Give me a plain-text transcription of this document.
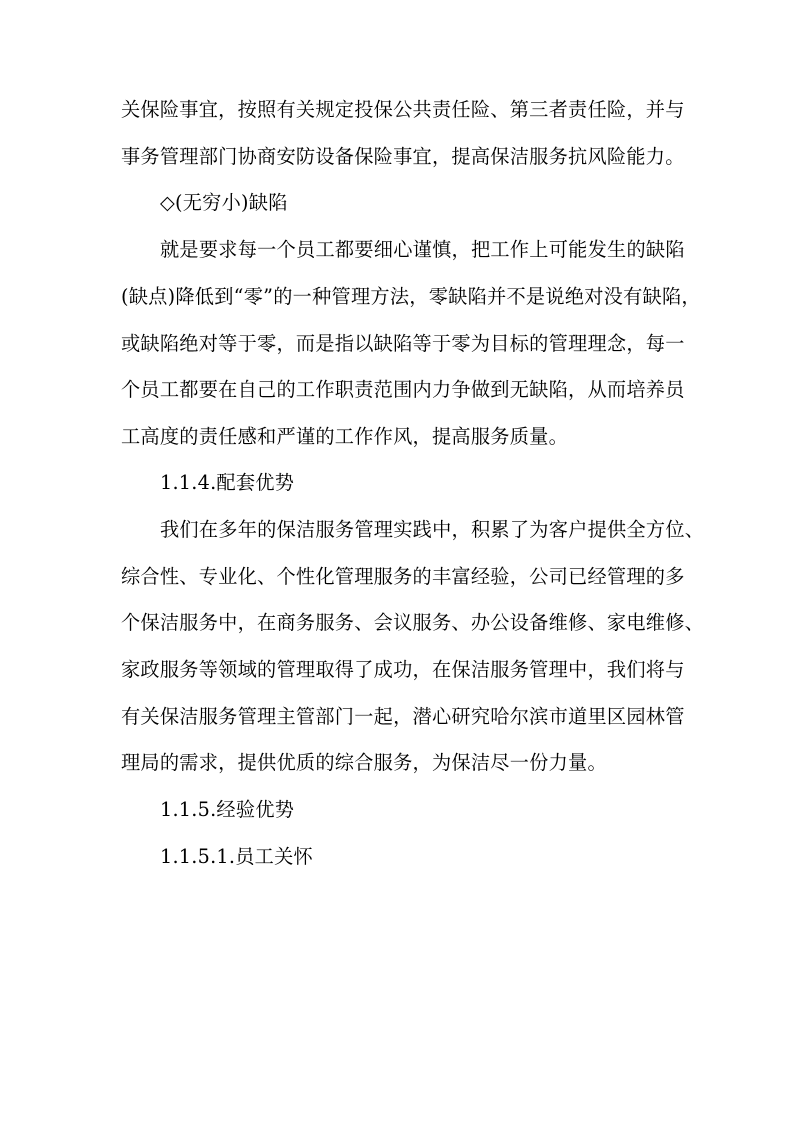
关保险事宜，按照有关规定投保公共责任险、第三者责任险，并与
事务管理部门协商安防设备保险事宜，提高保洁服务抗风险能力。
◇(无穷小)缺陷
就是要求每一个员工都要细心谨慎，把工作上可能发生的缺陷
(缺点)降低到“零”的一种管理方法，零缺陷并不是说绝对没有缺陷，
或缺陷绝对等于零，而是指以缺陷等于零为目标的管理理念，每一
个员工都要在自己的工作职责范围内力争做到无缺陷，从而培养员
工高度的责任感和严谨的工作作风，提高服务质量。
1.1.4.配套优势
我们在多年的保洁服务管理实践中，积累了为客户提供全方位、
综合性、专业化、个性化管理服务的丰富经验，公司已经管理的多
个保洁服务中，在商务服务、会议服务、办公设备维修、家电维修、
家政服务等领域的管理取得了成功，在保洁服务管理中，我们将与
有关保洁服务管理主管部门一起，潜心研究哈尔滨市道里区园林管
理局的需求，提供优质的综合服务，为保洁尽一份力量。
1.1.5.经验优势
1.1.5.1.员工关怀
